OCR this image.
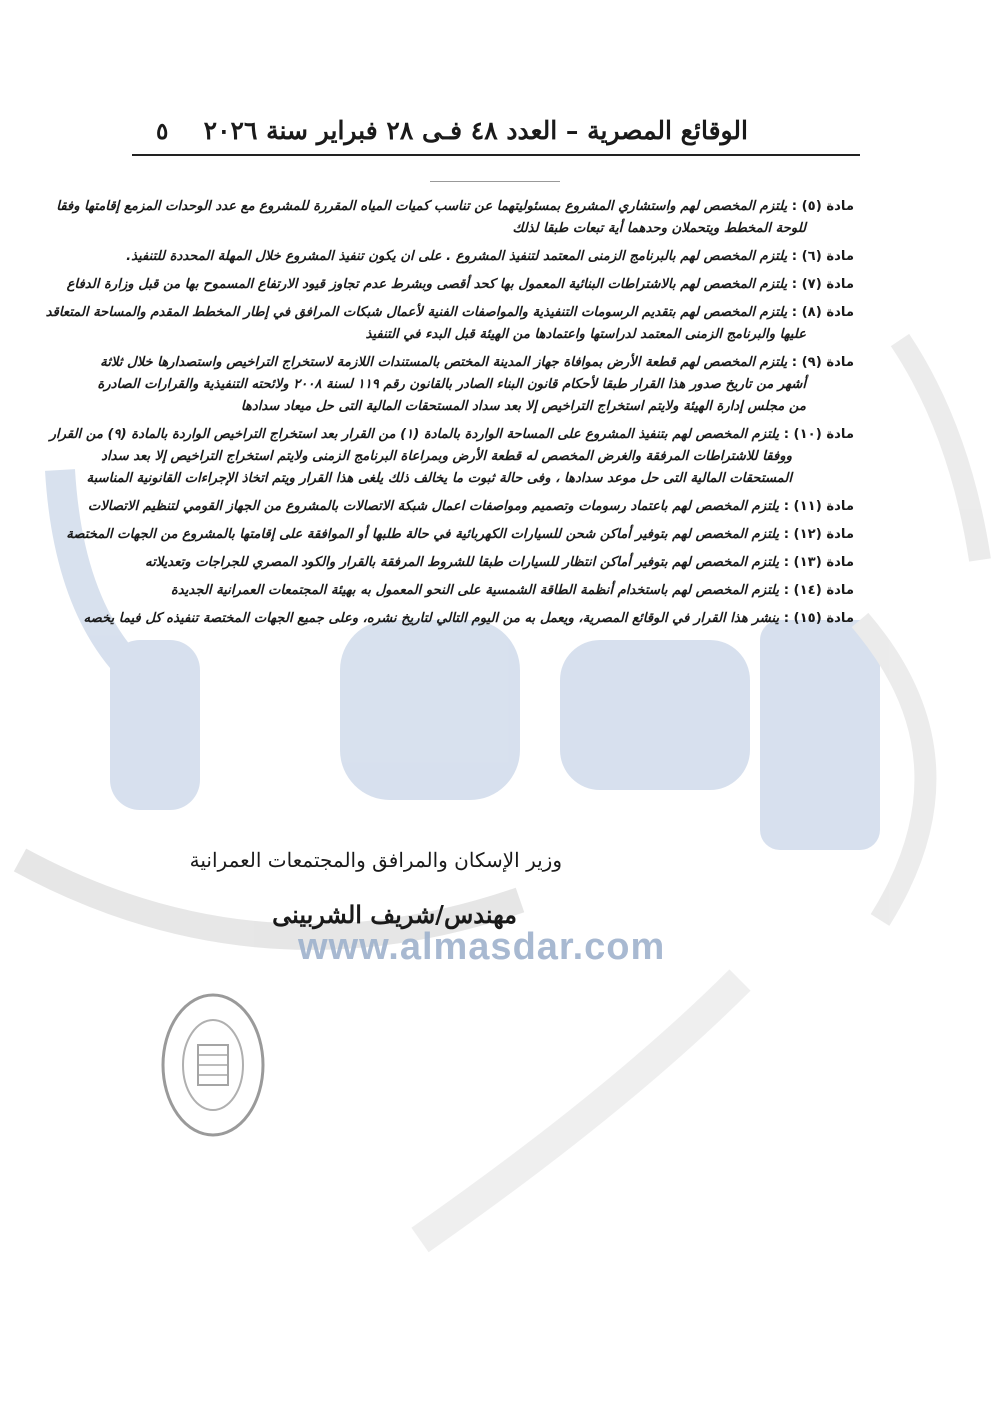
الوقائع المصرية – العدد ٤٨ فـى ٢٨ فبراير سنة ٢٠٢٦
٥
مادة (٥) : يلتزم المخصص لهم واستشاري المشروع بمسئوليتهما عن تناسب كميات المياه المقررة للمشروع مع عدد الوحدات المزمع إقامتها وفقا
للوحة المخطط ويتحملان وحدهما أية تبعات طبقا لذلك
مادة (٦) : يلتزم المخصص لهم بالبرنامج الزمنى المعتمد لتنفيذ المشروع . على ان يكون تنفيذ المشروع خلال المهلة المحددة للتنفيذ.
مادة (٧) : يلتزم المخصص لهم بالاشتراطات البنائية المعمول بها كحد أقصى وبشرط عدم تجاوز قيود الارتفاع المسموح بها من قبل وزارة الدفاع
مادة (٨) : يلتزم المخصص لهم بتقديم الرسومات التنفيذية والمواصفات الفنية لأعمال شبكات المرافق في إطار المخطط المقدم والمساحة المتعاقد
عليها والبرنامج الزمنى المعتمد لدراستها واعتمادها من الهيئة قبل البدء في التنفيذ
مادة (٩) : يلتزم المخصص لهم قطعة الأرض بموافاة جهاز المدينة المختص بالمستندات اللازمة لاستخراج التراخيص واستصدارها خلال ثلاثة
أشهر من تاريخ صدور هذا القرار طبقا لأحكام قانون البناء الصادر بالقانون رقم ١١٩ لسنة ٢٠٠٨ ولائحته التنفيذية والقرارات الصادرة
من مجلس إدارة الهيئة ولايتم استخراج التراخيص إلا بعد سداد المستحقات المالية التى حل ميعاد سدادها
مادة (١٠) : يلتزم المخصص لهم بتنفيذ المشروع على المساحة الواردة بالمادة (١) من القرار بعد استخراج التراخيص الواردة بالمادة (٩) من القرار
ووفقا للاشتراطات المرفقة والغرض المخصص له قطعة الأرض وبمراعاة البرنامج الزمنى ولايتم استخراج التراخيص إلا بعد سداد
المستحقات المالية التى حل موعد سدادها ، وفى حالة ثبوت ما يخالف ذلك يلغى هذا القرار ويتم اتخاذ الإجراءات القانونية المناسبة
مادة (١١) : يلتزم المخصص لهم باعتماد رسومات وتصميم ومواصفات اعمال شبكة الاتصالات بالمشروع من الجهاز القومي لتنظيم الاتصالات
مادة (١٢) : يلتزم المخصص لهم بتوفير أماكن شحن للسيارات الكهربائية في حالة طلبها أو الموافقة على إقامتها بالمشروع من الجهات المختصة
مادة (١٣) : يلتزم المخصص لهم بتوفير أماكن انتظار للسيارات طبقا للشروط المرفقة بالقرار والكود المصري للجراجات وتعديلاته
مادة (١٤) : يلتزم المخصص لهم باستخدام أنظمة الطاقة الشمسية على النحو المعمول به بهيئة المجتمعات العمرانية الجديدة
مادة (١٥) : ينشر هذا القرار في الوقائع المصرية، ويعمل به من اليوم التالي لتاريخ نشره، وعلى جميع الجهات المختصة تنفيذه كل فيما يخصه
وزير الإسكان والمرافق والمجتمعات العمرانية
مهندس/شريف الشربينى
www.almasdar.com
